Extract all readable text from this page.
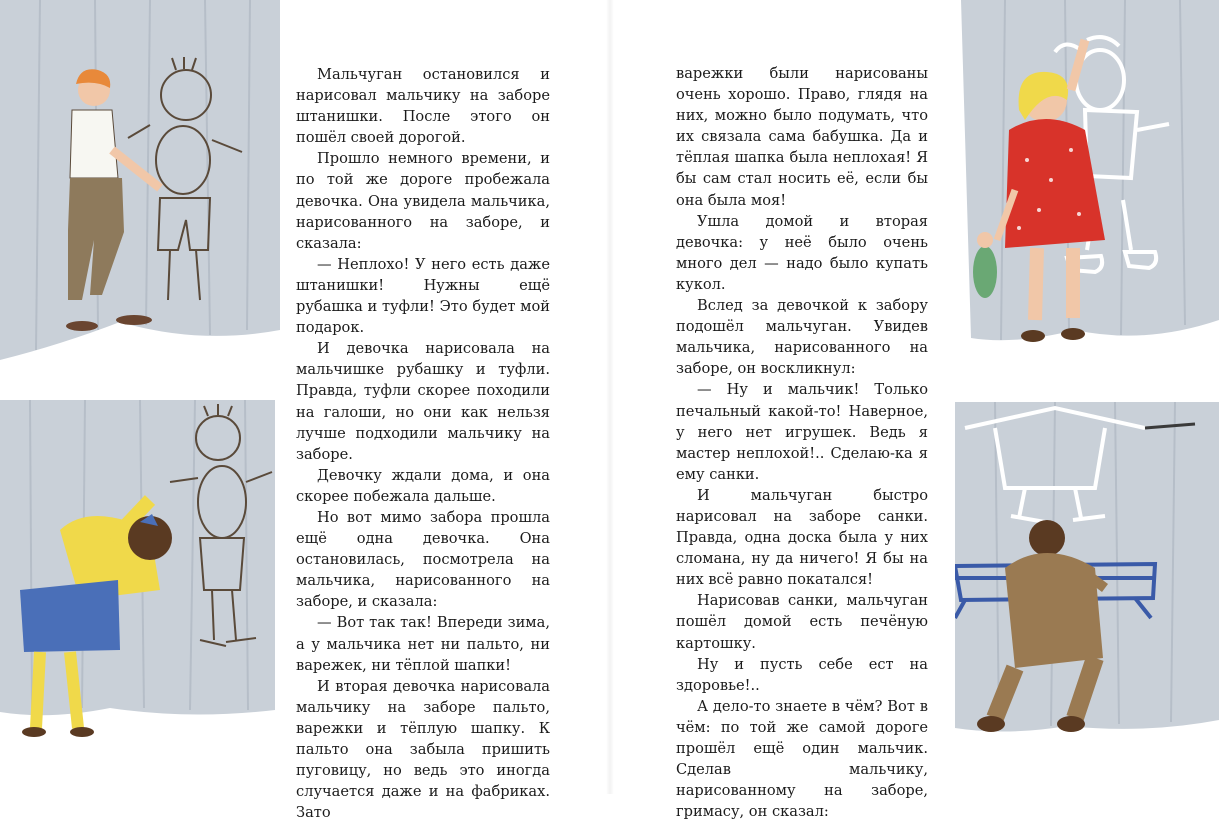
Мальчуган остановился и нарисовал мальчику на заборе штанишки. После этого он пошёл своей дорогой.

Прошло немного времени, и по той же дороге пробежала девочка. Она увидела мальчика, нарисованного на заборе, и сказала:

— Неплохо! У него есть даже штанишки! Нужны ещё рубашка и туфли! Это будет мой подарок.

И девочка нарисовала на мальчишке рубашку и туфли. Правда, туфли скорее походили на галоши, но они как нельзя лучше подходили мальчику на заборе.

Девочку ждали дома, и она скорее побежала дальше.

Но вот мимо забора прошла ещё одна девочка. Она остановилась, посмотрела на мальчика, нарисованного на заборе, и сказала:

— Вот так так! Впереди зима, а у мальчика нет ни пальто, ни варежек, ни тёплой шапки!

И вторая девочка нарисовала мальчику на заборе пальто, варежки и тёплую шапку. К пальто она забыла пришить пуговицу, но ведь это иногда случается даже и на фабриках. Зато

варежки были нарисованы очень хорошо. Право, глядя на них, можно было подумать, что их связала сама бабушка. Да и тёплая шапка была неплохая! Я бы сам стал носить её, если бы она была моя!

Ушла домой и вторая девочка: у неё было очень много дел — надо было купать кукол.

Вслед за девочкой к забору подошёл мальчуган. Увидев мальчика, нарисованного на заборе, он воскликнул:

— Ну и мальчик! Только печальный какой-то! Наверное, у него нет игрушек. Ведь я мастер неплохой!.. Сделаю-ка я ему санки.

И мальчуган быстро нарисовал на заборе санки. Правда, одна доска была у них сломана, ну да ничего! Я бы на них всё равно покатался!

Нарисовав санки, мальчуган пошёл домой есть печёную картошку.

Ну и пусть себе ест на здоровье!..

А дело-то знаете в чём? Вот в чём: по той же самой дороге прошёл ещё один мальчик. Сделав мальчику, нарисованному на заборе, гримасу, он сказал:
